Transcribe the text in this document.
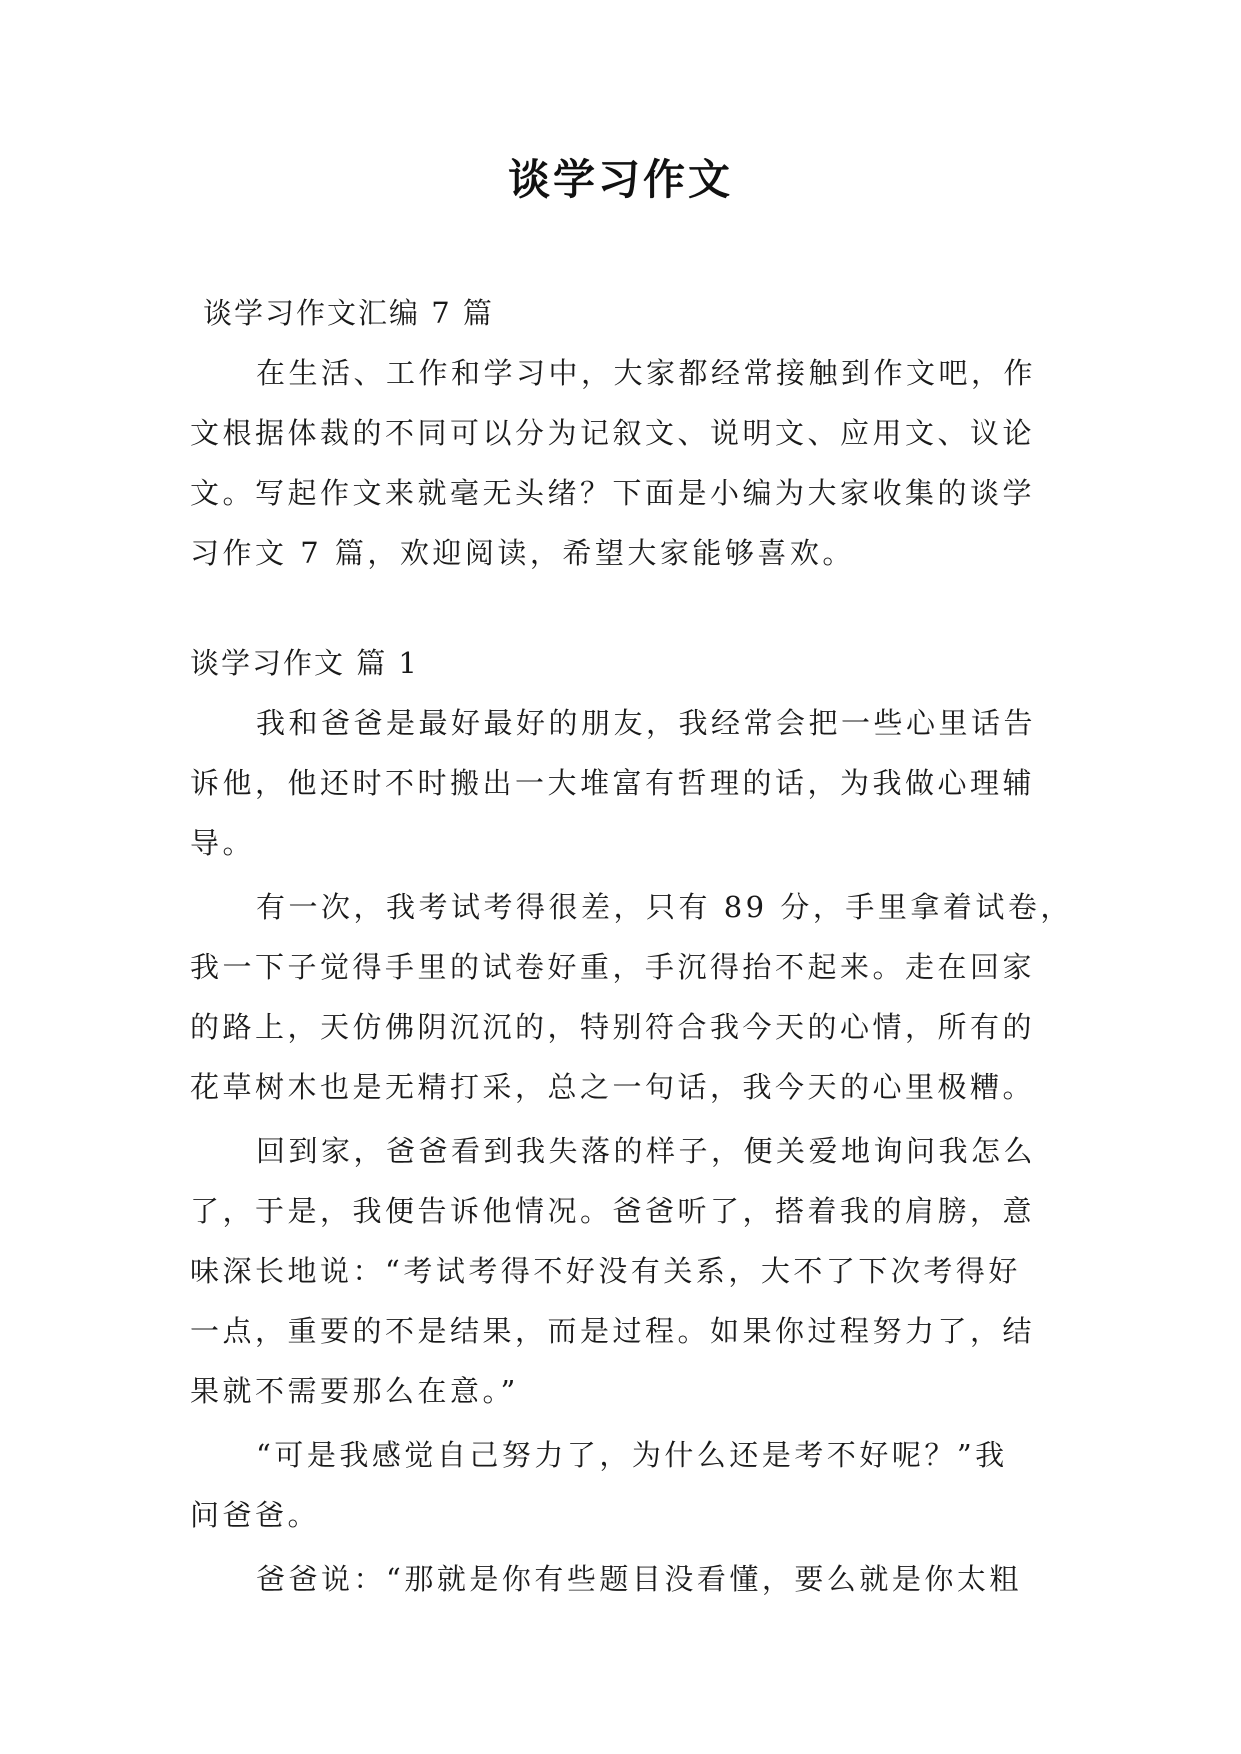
谈学习作文
谈学习作文汇编 7 篇
在生活、工作和学习中，大家都经常接触到作文吧，作
文根据体裁的不同可以分为记叙文、说明文、应用文、议论
文。写起作文来就毫无头绪？下面是小编为大家收集的谈学
习作文 7 篇，欢迎阅读，希望大家能够喜欢。
谈学习作文 篇 1
我和爸爸是最好最好的朋友，我经常会把一些心里话告
诉他，他还时不时搬出一大堆富有哲理的话，为我做心理辅
导。
有一次，我考试考得很差，只有 89 分，手里拿着试卷，
我一下子觉得手里的试卷好重，手沉得抬不起来。走在回家
的路上，天仿佛阴沉沉的，特别符合我今天的心情，所有的
花草树木也是无精打采，总之一句话，我今天的心里极糟。
回到家，爸爸看到我失落的样子，便关爱地询问我怎么
了，于是，我便告诉他情况。爸爸听了，搭着我的肩膀，意
味深长地说：“考试考得不好没有关系，大不了下次考得好
一点，重要的不是结果，而是过程。如果你过程努力了，结
果就不需要那么在意。”
“可是我感觉自己努力了，为什么还是考不好呢？”我
问爸爸。
爸爸说：“那就是你有些题目没看懂，要么就是你太粗
